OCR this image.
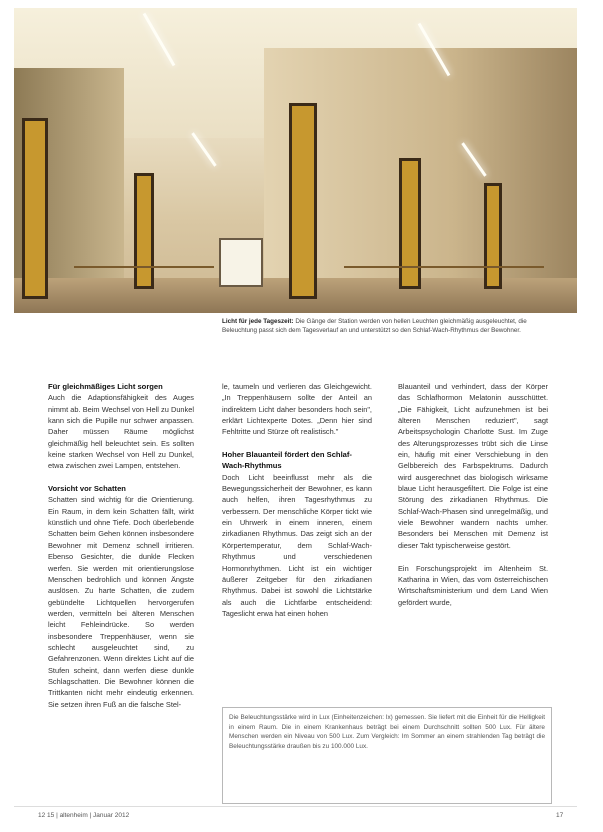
Licht für jede Tageszeit: Die Gänge der Station werden von hellen Leuchten gleichmäßig ausgeleuchtet, die Beleuchtung passt sich dem Tagesverlauf an und unterstützt so den Schlaf-Wach-Rhythmus der Bewohner.
Für gleichmäßiges Licht sorgen

Auch die Adaptionsfähigkeit des Auges nimmt ab. Beim Wechsel von Hell zu Dunkel kann sich die Pupille nur schwer anpassen. Daher müssen Räume möglichst gleichmäßig hell beleuchtet sein. Es sollten keine starken Wechsel von Hell zu Dunkel, etwa zwischen zwei Lampen, entstehen.

Vorsicht vor Schatten

Schatten sind wichtig für die Orientierung. Ein Raum, in dem kein Schatten fällt, wirkt künstlich und ohne Tiefe. Doch überlebende Schatten beim Gehen können insbesondere Bewohner mit Demenz schnell irritieren. Ebenso Gesichter, die dunkle Flecken werfen. Sie werden mit orientierungslose Menschen bedrohlich und können Ängste auslösen. Zu harte Schatten, die zudem gebündelte Lichtquellen hervorgerufen werden, vermitteln bei älteren Menschen leicht Fehleindrücke. So werden insbesondere Treppenhäuser, wenn sie schlecht ausgeleuchtet sind, zu Gefahrenzonen. Wenn direktes Licht auf die Stufen scheint, dann werfen diese dunkle Schlagschatten. Die Bewohner können die Trittkanten nicht mehr eindeutig erkennen. Sie setzen ihren Fuß an die falsche Stel-

le, taumeln und verlieren das Gleichgewicht. „In Treppenhäusern sollte der Anteil an indirektem Licht daher besonders hoch sein", erklärt Lichtexperte Dotes. „Denn hier sind Fehltritte und Stürze oft realistisch."

Hoher Blauanteil fördert den Schlaf-Wach-Rhythmus

Doch Licht beeinflusst mehr als die Bewegungssicherheit der Bewohner, es kann auch helfen, ihren Tagesrhythmus zu verbessern. Der menschliche Körper tickt wie ein Uhrwerk in einem inneren, einem zirkadianen Rhythmus. Das zeigt sich an der Körpertemperatur, dem Schlaf-Wach-Rhythmus und verschiedenen Hormonrhythmen. Licht ist ein wichtiger äußerer Zeitgeber für den zirkadianen Rhythmus. Dabei ist sowohl die Lichtstärke als auch die Lichtfarbe entscheidend: Tageslicht erwa hat einen hohen

Blauanteil und verhindert, dass der Körper das Schlafhormon Melatonin ausschüttet. „Die Fähigkeit, Licht aufzunehmen ist bei älteren Menschen reduziert", sagt Arbeitspsychologin Charlotte Sust. Im Zuge des Alterungsprozesses trübt sich die Linse ein, häufig mit einer Verschiebung in den Gelbbereich des Farbspektrums. Dadurch wird ausgerechnet das biologisch wirksame blaue Licht herausgefiltert. Die Folge ist eine Störung des zirkadianen Rhythmus. Die Schlaf-Wach-Phasen sind unregelmäßig, und viele Bewohner wandern nachts umher. Besonders bei Menschen mit Demenz ist dieser Takt typischerweise gestört.

Ein Forschungsprojekt im Altenheim St. Katharina in Wien, das vom österreichischen Wirtschaftsministerium und dem Land Wien gefördert wurde,

Die Beleuchtungsstärke wird in Lux (Einheitenzeichen: lx) gemessen. Sie liefert mit die Einheit für die Helligkeit in einem Raum. Die in einem Krankenhaus beträgt bei einem Durchschnitt sollten 500 Lux. Für ältere Menschen werden ein Niveau von 500 Lux. Zum Vergleich: Im Sommer an einem strahlenden Tag beträgt die Beleuchtungsstärke draußen bis zu 100.000 Lux.
12 15 | altenheim | Januar 2012	17
